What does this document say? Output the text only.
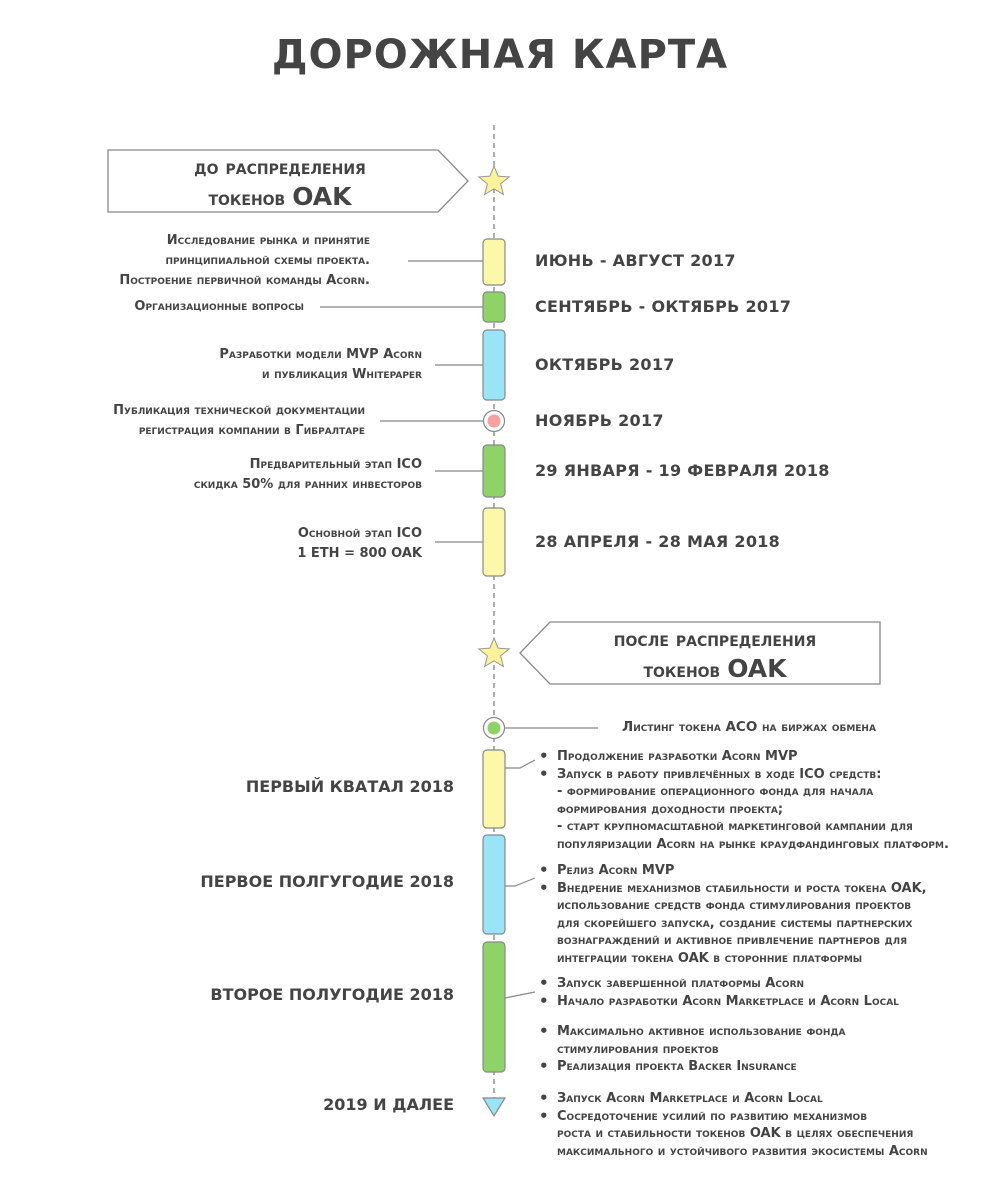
ДОРОЖНАЯ КАРТА
до распределения
токенов OAK
Исследование рынка и принятие
принципиальной схемы проекта.
Построение первичной команды Acorn.
Организационные вопросы
Разработки модели MVP Acorn
и публикация Whitepaper
Публикация технической документации
регистрация компании в Гибралтаре
Предварительный этап ICO
скидка 50% для ранних инвесторов
Основной этап ICO
1 ETH = 800 OAK
ИЮНЬ - АВГУСТ 2017
СЕНТЯБРЬ - ОКТЯБРЬ 2017
ОКТЯБРЬ 2017
НОЯБРЬ 2017
29 ЯНВАРЯ - 19 ФЕВРАЛЯ 2018
28 АПРЕЛЯ - 28 МАЯ 2018
после распределения
токенов OAK
Листинг токена ACO на биржах обмена
ПЕРВЫЙ КВАТАЛ 2018
ПЕРВОЕ ПОЛГУГОДИЕ 2018
ВТОРОЕ ПОЛУГОДИЕ 2018
2019 И ДАЛЕЕ
• Продолжение разработки Acorn MVP
• Запуск в работу привлечённых в ходе ICO средств:
- формирование операционного фонда для начала
формирования доходности проекта;
- старт крупномасштабной маркетинговой кампании для
популяризации Acorn на рынке краудфандинговых платформ.
• Релиз Acorn MVP
• Внедрение механизмов стабильности и роста токена OAK,
использование средств фонда стимулирования проектов
для скорейшего запуска, создание системы партнерских
вознаграждений и активное привлечение партнеров для
интеграции токена OAK в сторонние платформы
• Запуск завершенной платформы Acorn
• Начало разработки Acorn Marketplace и Acorn Local
• Максимально активное использование фонда
стимулирования проектов
• Реализация проекта Backer Insurance
• Запуск Acorn Marketplace и Acorn Local
• Сосредоточение усилий по развитию механизмов
роста и стабильности токенов OAK в целях обеспечения
максимального и устойчивого развития экосистемы Acorn
